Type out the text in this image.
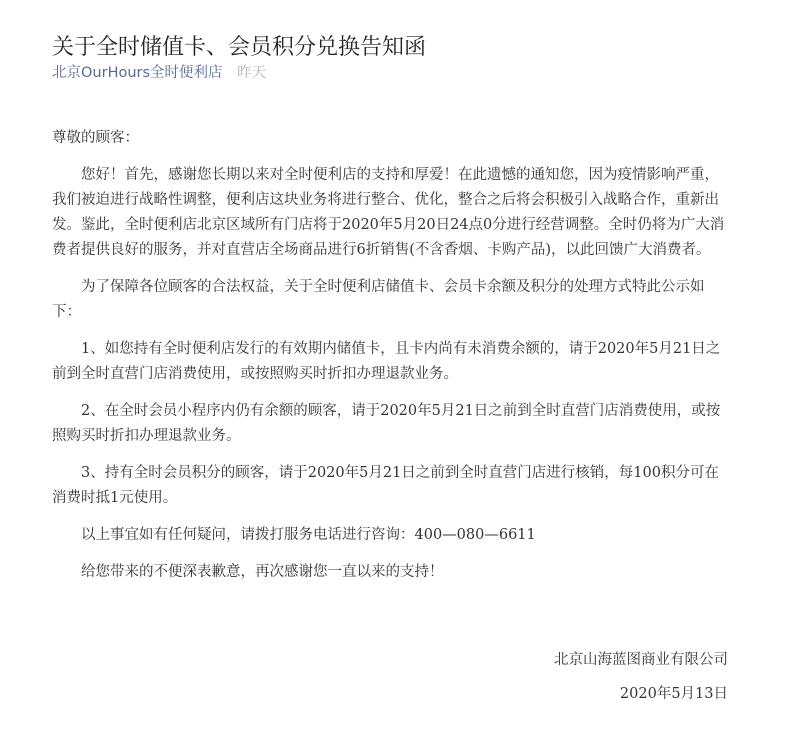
关于全时储值卡、会员积分兑换告知函
北京OurHours全时便利店 昨天

尊敬的顾客：

您好！首先，感谢您长期以来对全时便利店的支持和厚爱！在此遗憾的通知您，因为疫情影响严重，我们被迫进行战略性调整，便利店这块业务将进行整合、优化，整合之后将会积极引入战略合作，重新出发。鉴此，全时便利店北京区域所有门店将于2020年5月20日24点0分进行经营调整。全时仍将为广大消费者提供良好的服务，并对直营店全场商品进行6折销售(不含香烟、卡购产品)，以此回馈广大消费者。

为了保障各位顾客的合法权益，关于全时便利店储值卡、会员卡余额及积分的处理方式特此公示如下：

1、如您持有全时便利店发行的有效期内储值卡，且卡内尚有未消费余额的，请于2020年5月21日之前到全时直营门店消费使用，或按照购买时折扣办理退款业务。

2、在全时会员小程序内仍有余额的顾客，请于2020年5月21日之前到全时直营门店消费使用，或按照购买时折扣办理退款业务。

3、持有全时会员积分的顾客，请于2020年5月21日之前到全时直营门店进行核销，每100积分可在消费时抵1元使用。

以上事宜如有任何疑问，请拨打服务电话进行咨询：400—080—6611

给您带来的不便深表歉意，再次感谢您一直以来的支持！

北京山海蓝图商业有限公司
2020年5月13日
